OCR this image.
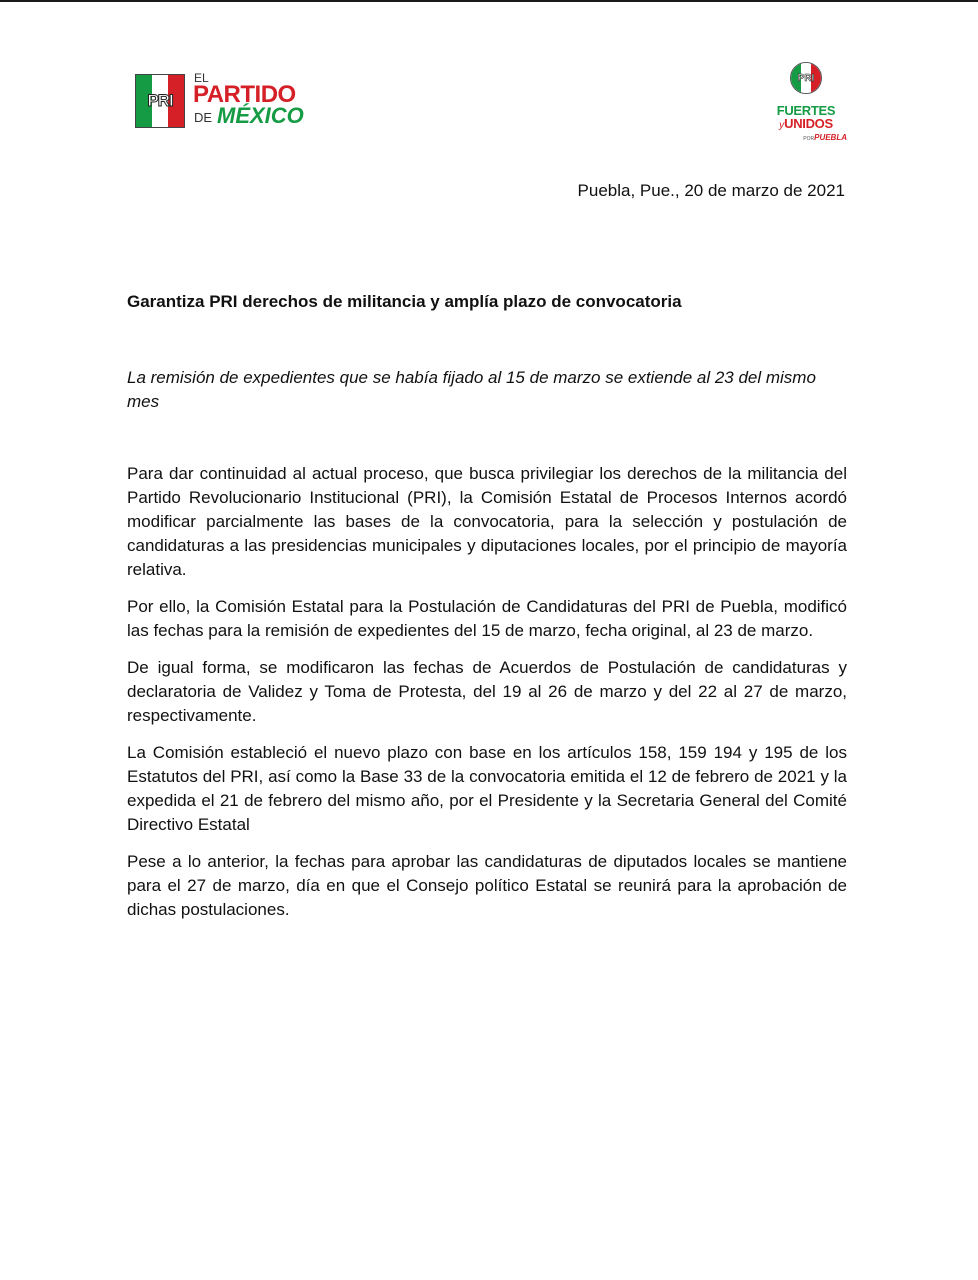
PRI
EL
PARTIDO
DE MÉXICO
PRI
FUERTES
yUNIDOS
PORPUEBLA
Puebla, Pue., 20 de marzo de 2021
Garantiza PRI derechos de militancia y amplía plazo de convocatoria

La remisión de expedientes que se había fijado al 15 de marzo se extiende al 23 del mismo mes

Para dar continuidad al actual proceso, que busca privilegiar los derechos de la militancia del Partido Revolucionario Institucional (PRI), la Comisión Estatal de Procesos Internos acordó modificar parcialmente las bases de la convocatoria, para la selección y postulación de candidaturas a las presidencias municipales y diputaciones locales, por el principio de mayoría relativa.

Por ello, la Comisión Estatal para la Postulación de Candidaturas del PRI de Puebla, modificó las fechas para la remisión de expedientes del 15 de marzo, fecha original, al 23 de marzo.

De igual forma, se modificaron las fechas de Acuerdos de Postulación de candidaturas y declaratoria de Validez y Toma de Protesta, del 19 al 26 de marzo y del 22 al 27 de marzo, respectivamente.

La Comisión estableció el nuevo plazo con base en los artículos 158, 159 194 y 195 de los Estatutos del PRI, así como la Base 33 de la convocatoria emitida el 12 de febrero de 2021 y la expedida el 21 de febrero del mismo año, por el Presidente y la Secretaria General del Comité Directivo Estatal

Pese a lo anterior, la fechas para aprobar las candidaturas de diputados locales se mantiene para el 27 de marzo, día en que el Consejo político Estatal se reunirá para la aprobación de dichas postulaciones.
